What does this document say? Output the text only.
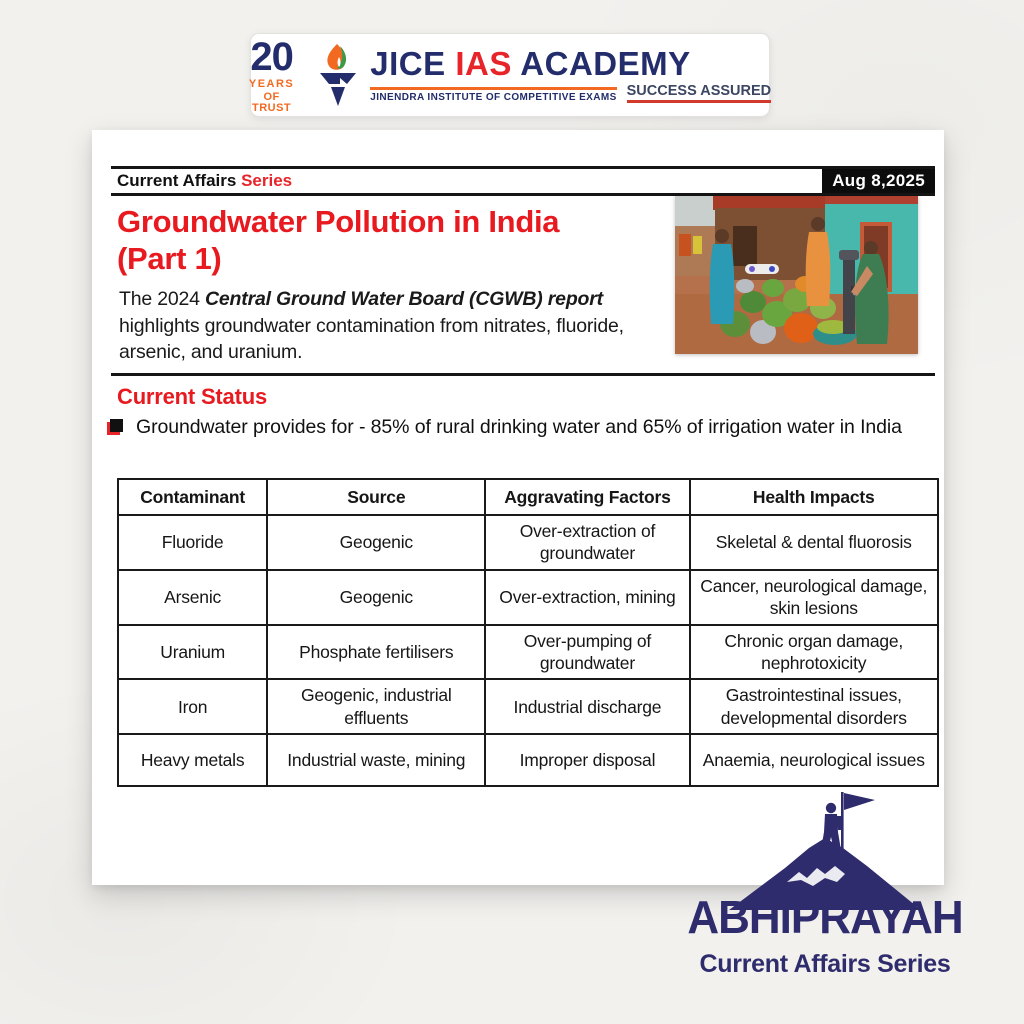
20
YEARS
OF TRUST
JICE IAS ACADEMY
JINENDRA INSTITUTE OF COMPETITIVE EXAMS SUCCESS ASSURED
Current Affairs Series	Aug 8,2025
Groundwater Pollution in India
(Part 1)
The 2024 Central Ground Water Board (CGWB) report highlights groundwater contamination from nitrates, fluoride, arsenic, and uranium.
Current Status
Groundwater provides for - 85% of rural drinking water and 65% of irrigation water in India
Contaminant	Source	Aggravating Factors	Health Impacts
Fluoride	Geogenic	Over-extraction of groundwater	Skeletal & dental fluorosis
Arsenic	Geogenic	Over-extraction, mining	Cancer, neurological damage, skin lesions
Uranium	Phosphate fertilisers	Over-pumping of groundwater	Chronic organ damage, nephrotoxicity
Iron	Geogenic, industrial effluents	Industrial discharge	Gastrointestinal issues, developmental disorders
Heavy metals	Industrial waste, mining	Improper disposal	Anaemia, neurological issues
ABHIPRAYAH
Current Affairs Series
